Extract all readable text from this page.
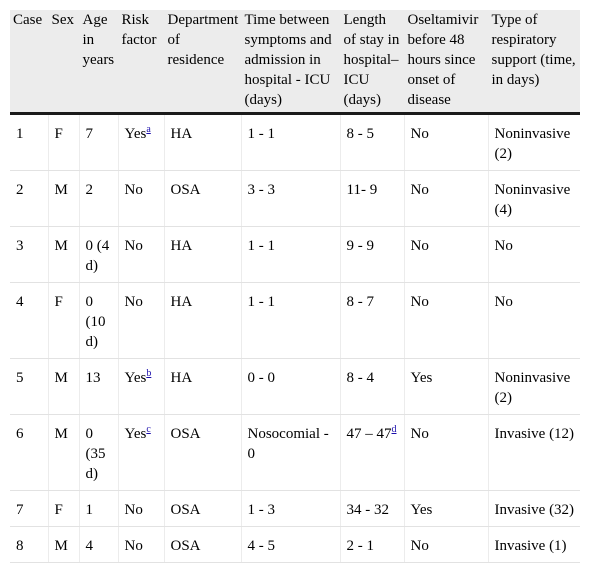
Case	Sex	Age in years	Risk factor	Department of residence	Time between symptoms and admission in hospital - ICU (days)	Length of stay in hospital–ICU (days)	Oseltamivir before 48 hours since onset of disease	Type of respiratory support (time, in days)
1	F	7	Yes$^a$	HA	1 - 1	8 - 5	No	Noninvasive (2)
2	M	2	No	OSA	3 - 3	11- 9	No	Noninvasive (4)
3	M	0 (4 d)	No	HA	1 - 1	9 - 9	No	No
4	F	0 (10 d)	No	HA	1 - 1	8 - 7	No	No
5	M	13	Yes$^b$	HA	0 - 0	8 - 4	Yes	Noninvasive (2)
6	M	0 (35 d)	Yes$^c$	OSA	Nosocomial - 0	47 – 47$^d$	No	Invasive (12)
7	F	1	No	OSA	1 - 3	34 - 32	Yes	Invasive (32)
8	M	4	No	OSA	4 - 5	2 - 1	No	Invasive (1)
